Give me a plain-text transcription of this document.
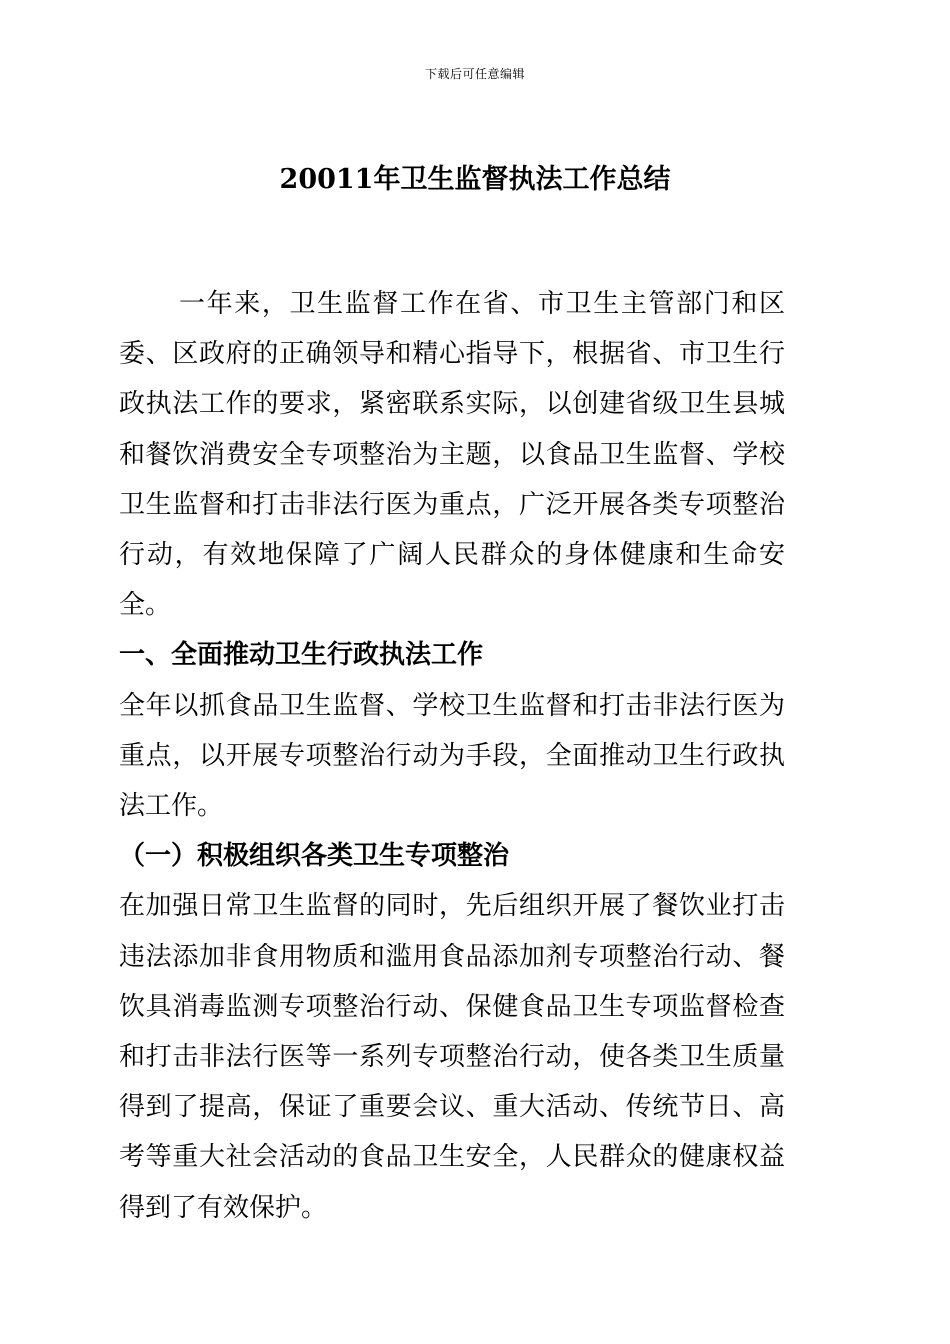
下载后可任意编辑
20011年卫生监督执法工作总结

一年来，卫生监督工作在省、市卫生主管部门和区委、区政府的正确领导和精心指导下，根据省、市卫生行政执法工作的要求，紧密联系实际，以创建省级卫生县城和餐饮消费安全专项整治为主题，以食品卫生监督、学校卫生监督和打击非法行医为重点，广泛开展各类专项整治行动，有效地保障了广阔人民群众的身体健康和生命安全。

一、全面推动卫生行政执法工作

全年以抓食品卫生监督、学校卫生监督和打击非法行医为重点，以开展专项整治行动为手段，全面推动卫生行政执法工作。

（一）积极组织各类卫生专项整治

在加强日常卫生监督的同时，先后组织开展了餐饮业打击违法添加非食用物质和滥用食品添加剂专项整治行动、餐饮具消毒监测专项整治行动、保健食品卫生专项监督检查和打击非法行医等一系列专项整治行动，使各类卫生质量得到了提高，保证了重要会议、重大活动、传统节日、高考等重大社会活动的食品卫生安全，人民群众的健康权益得到了有效保护。
